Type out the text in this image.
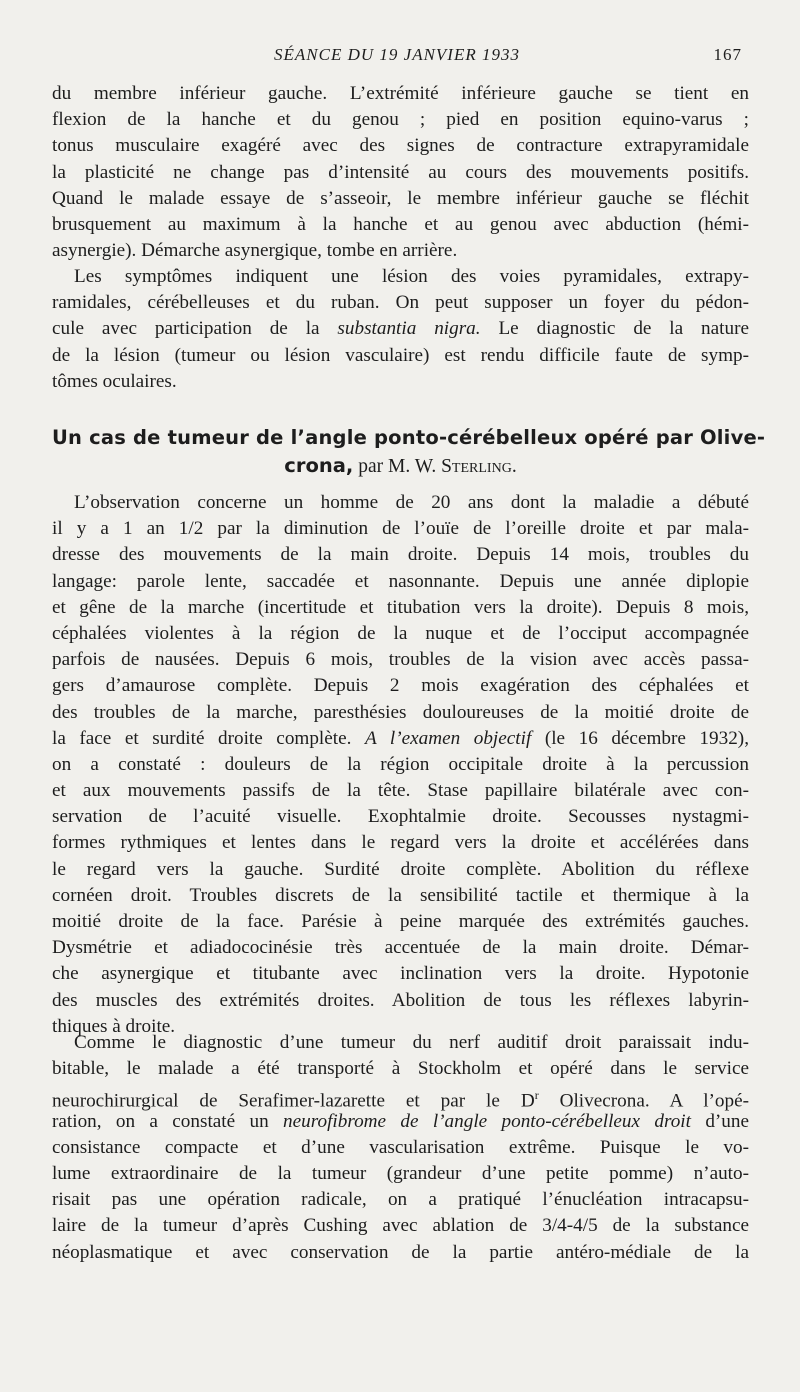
SÉANCE DU 19 JANVIER 1933	167
du membre inférieur gauche. L’extrémité inférieure gauche se tient en
flexion de la hanche et du genou ; pied en position equino-varus ;
tonus musculaire exagéré avec des signes de contracture extrapyramidale
la plasticité ne change pas d’intensité au cours des mouvements positifs.
Quand le malade essaye de s’asseoir, le membre inférieur gauche se fléchit
brusquement au maximum à la hanche et au genou avec abduction (hémi-
asynergie). Démarche asynergique, tombe en arrière.
Les symptômes indiquent une lésion des voies pyramidales, extrapy-
ramidales, cérébelleuses et du ruban. On peut supposer un foyer du pédon-
cule avec participation de la substantia nigra. Le diagnostic de la nature
de la lésion (tumeur ou lésion vasculaire) est rendu difficile faute de symp-
tômes oculaires.
Un cas de tumeur de l’angle ponto-cérébelleux opéré par Olive-
crona, par M. W. Sterling.
L’observation concerne un homme de 20 ans dont la maladie a débuté
il y a 1 an 1/2 par la diminution de l’ouïe de l’oreille droite et par mala-
dresse des mouvements de la main droite. Depuis 14 mois, troubles du
langage: parole lente, saccadée et nasonnante. Depuis une année diplopie
et gêne de la marche (incertitude et titubation vers la droite). Depuis 8 mois,
céphalées violentes à la région de la nuque et de l’occiput accompagnée
parfois de nausées. Depuis 6 mois, troubles de la vision avec accès passa-
gers d’amaurose complète. Depuis 2 mois exagération des céphalées et
des troubles de la marche, paresthésies douloureuses de la moitié droite de
la face et surdité droite complète. A l’examen objectif (le 16 décembre 1932),
on a constaté : douleurs de la région occipitale droite à la percussion
et aux mouvements passifs de la tête. Stase papillaire bilatérale avec con-
servation de l’acuité visuelle. Exophtalmie droite. Secousses nystagmi-
formes rythmiques et lentes dans le regard vers la droite et accélérées dans
le regard vers la gauche. Surdité droite complète. Abolition du réflexe
cornéen droit. Troubles discrets de la sensibilité tactile et thermique à la
moitié droite de la face. Parésie à peine marquée des extrémités gauches.
Dysmétrie et adiadococinésie très accentuée de la main droite. Démar-
che asynergique et titubante avec inclination vers la droite. Hypotonie
des muscles des extrémités droites. Abolition de tous les réflexes labyrin-
thiques à droite.
Comme le diagnostic d’une tumeur du nerf auditif droit paraissait indu-
bitable, le malade a été transporté à Stockholm et opéré dans le service
neurochirurgical de Serafimer-lazarette et par le $D^r$ Olivecrona. A l’opé-
ration, on a constaté un neurofibrome de l’angle ponto-cérébelleux droit d’une
consistance compacte et d’une vascularisation extrême. Puisque le vo-
lume extraordinaire de la tumeur (grandeur d’une petite pomme) n’auto-
risait pas une opération radicale, on a pratiqué l’énucléation intracapsu-
laire de la tumeur d’après Cushing avec ablation de 3/4-4/5 de la substance
néoplasmatique et avec conservation de la partie antéro-médiale de la
